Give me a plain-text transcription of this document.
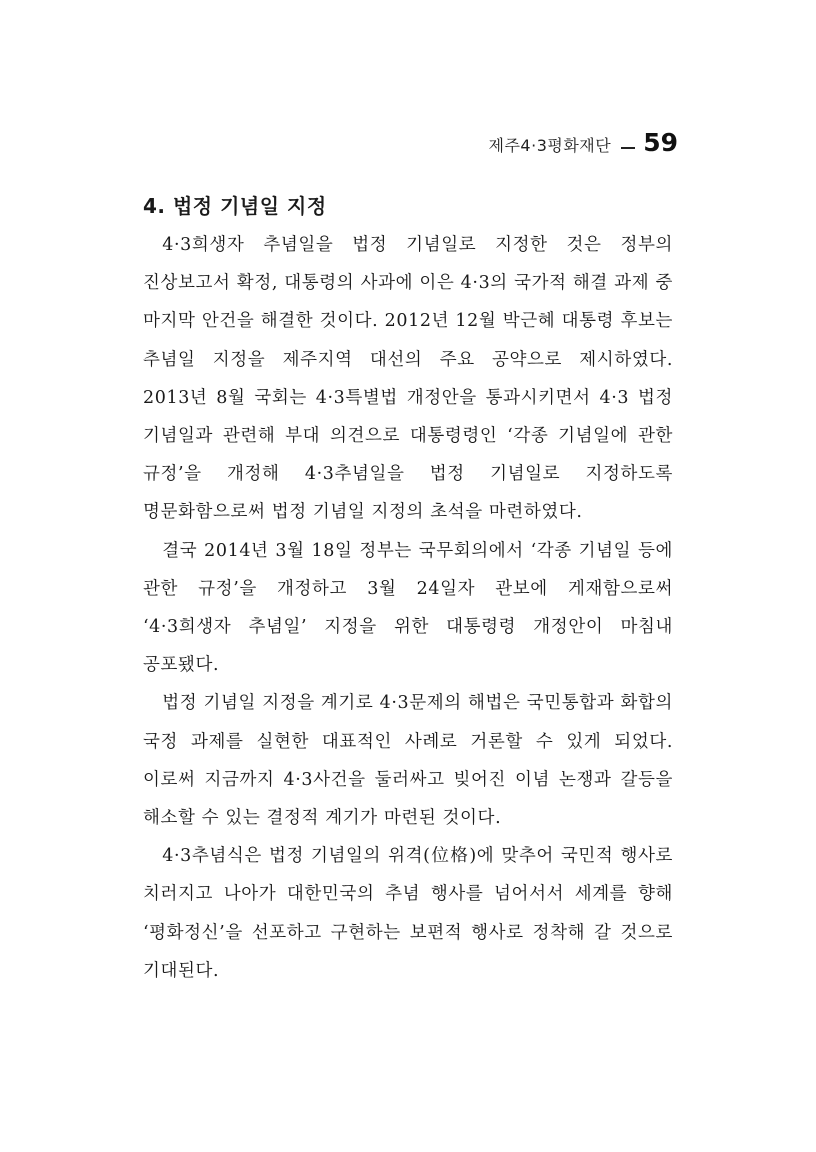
제주4·3평화재단 59
4. 법정 기념일 지정

4·3희생자 추념일을 법정 기념일로 지정한 것은 정부의 진상보고서 확정, 대통령의 사과에 이은 4·3의 국가적 해결 과제 중 마지막 안건을 해결한 것이다. 2012년 12월 박근혜 대통령 후보는 추념일 지정을 제주지역 대선의 주요 공약으로 제시하였다. 2013년 8월 국회는 4·3특별법 개정안을 통과시키면서 4·3 법정 기념일과 관련해 부대 의견으로 대통령령인 ‘각종 기념일에 관한 규정’을 개정해 4·3추념일을 법정 기념일로 지정하도록 명문화함으로써 법정 기념일 지정의 초석을 마련하였다.

결국 2014년 3월 18일 정부는 국무회의에서 ‘각종 기념일 등에 관한 규정’을 개정하고 3월 24일자 관보에 게재함으로써 ‘4·3희생자 추념일’ 지정을 위한 대통령령 개정안이 마침내 공포됐다.

법정 기념일 지정을 계기로 4·3문제의 해법은 국민통합과 화합의 국정 과제를 실현한 대표적인 사례로 거론할 수 있게 되었다. 이로써 지금까지 4·3사건을 둘러싸고 빚어진 이념 논쟁과 갈등을 해소할 수 있는 결정적 계기가 마련된 것이다.

4·3추념식은 법정 기념일의 위격(位格)에 맞추어 국민적 행사로 치러지고 나아가 대한민국의 추념 행사를 넘어서서 세계를 향해 ‘평화정신’을 선포하고 구현하는 보편적 행사로 정착해 갈 것으로 기대된다.
